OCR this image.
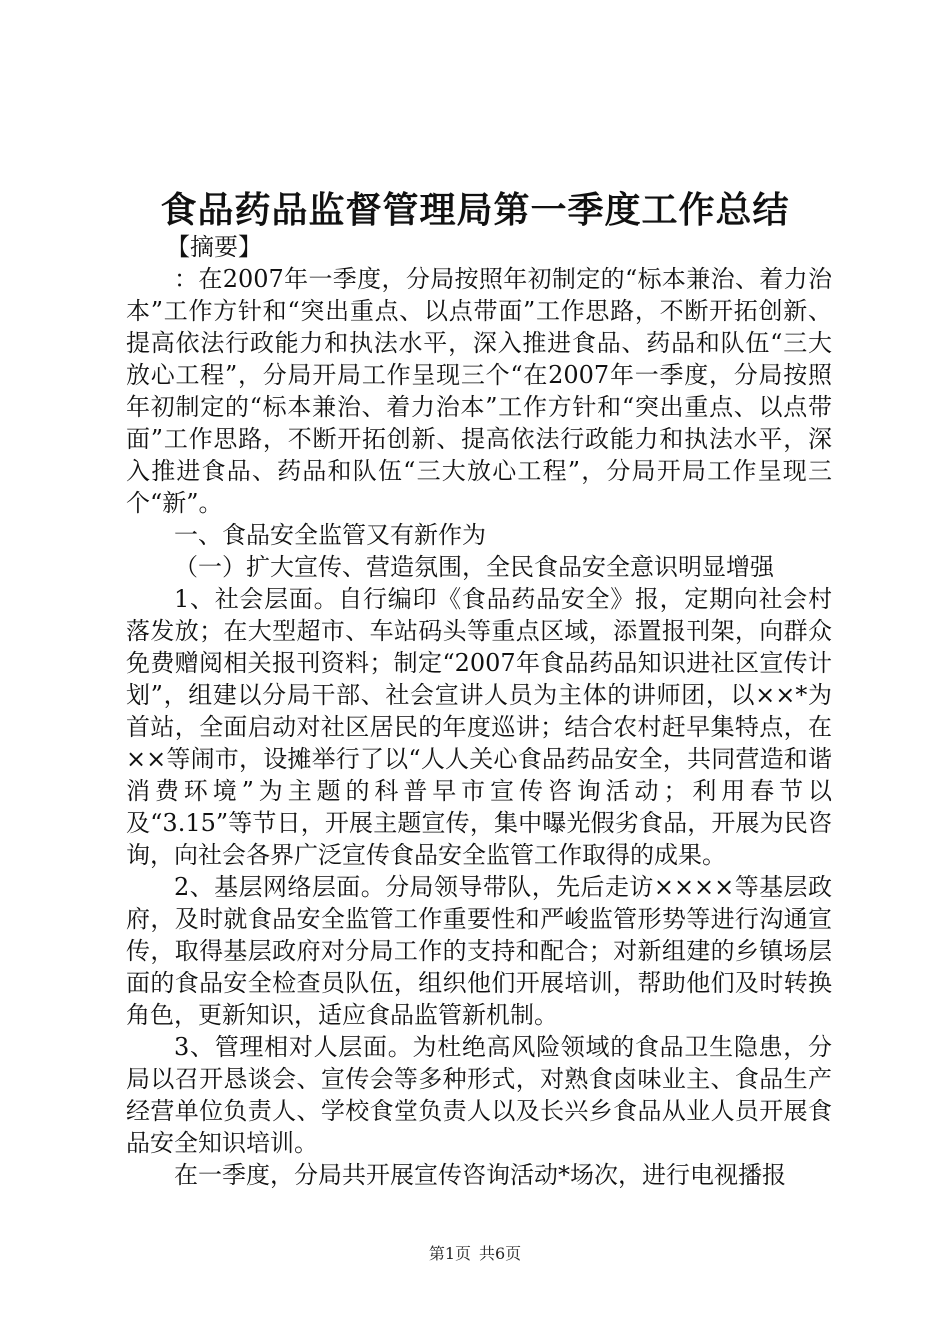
食品药品监督管理局第一季度工作总结

【摘要】

：在2007年一季度，分局按照年初制定的“标本兼治、着力治本”工作方针和“突出重点、以点带面”工作思路，不断开拓创新、提高依法行政能力和执法水平，深入推进食品、药品和队伍“三大放心工程”，分局开局工作呈现三个“在2007年一季度，分局按照年初制定的“标本兼治、着力治本”工作方针和“突出重点、以点带面”工作思路，不断开拓创新、提高依法行政能力和执法水平，深入推进食品、药品和队伍“三大放心工程”，分局开局工作呈现三个“新”。

一、食品安全监管又有新作为

（一）扩大宣传、营造氛围，全民食品安全意识明显增强

1、社会层面。自行编印《食品药品安全》报，定期向社会村落发放；在大型超市、车站码头等重点区域，添置报刊架，向群众免费赠阅相关报刊资料；制定“2007年食品药品知识进社区宣传计划”，组建以分局干部、社会宣讲人员为主体的讲师团，以××*为首站，全面启动对社区居民的年度巡讲；结合农村赶早集特点，在××等闹市，设摊举行了以“人人关心食品药品安全，共同营造和谐消费环境”为主题的科普早市宣传咨询活动；利用春节以及“3.15”等节日，开展主题宣传，集中曝光假劣食品，开展为民咨询，向社会各界广泛宣传食品安全监管工作取得的成果。

2、基层网络层面。分局领导带队，先后走访××××等基层政府，及时就食品安全监管工作重要性和严峻监管形势等进行沟通宣传，取得基层政府对分局工作的支持和配合；对新组建的乡镇场层面的食品安全检查员队伍，组织他们开展培训，帮助他们及时转换角色，更新知识，适应食品监管新机制。

3、管理相对人层面。为杜绝高风险领域的食品卫生隐患，分局以召开恳谈会、宣传会等多种形式，对熟食卤味业主、食品生产经营单位负责人、学校食堂负责人以及长兴乡食品从业人员开展食品安全知识培训。

在一季度，分局共开展宣传咨询活动*场次，进行电视播报

第1页 共6页
